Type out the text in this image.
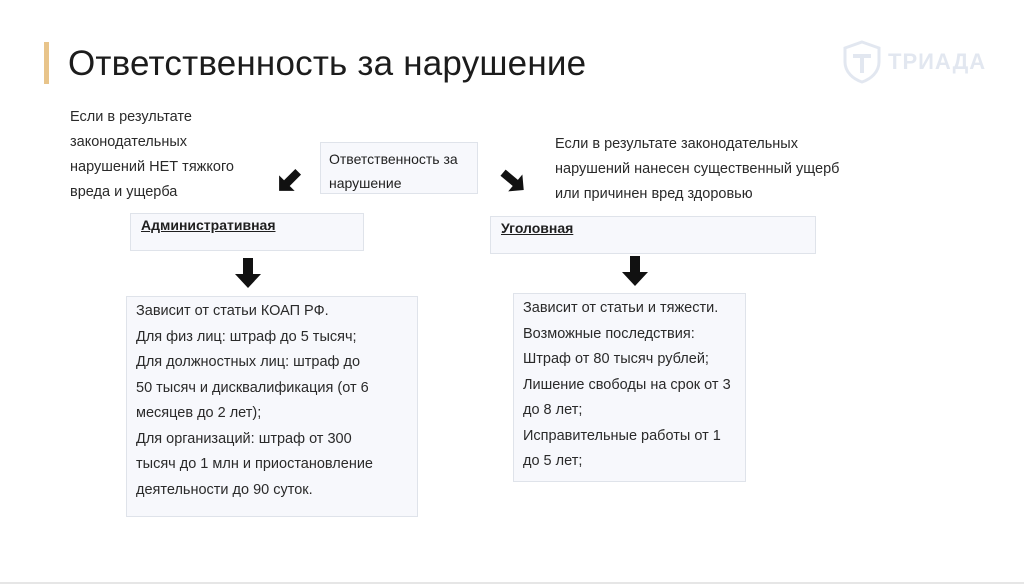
Ответственность за нарушение	ТРИАДА
Если в результате
законодательных
нарушений НЕТ тяжкого
вреда и ущерба
Если в результате законодательных
нарушений нанесен существенный ущерб
или причинен вред здоровью
Ответственность за
нарушение
Административная	Уголовная
Зависит от статьи КОАП РФ.
Для физ лиц: штраф до 5 тысяч;
Для должностных лиц: штраф до
50 тысяч и дисквалификация (от 6
месяцев до 2 лет);
Для организаций: штраф от 300
тысяч до 1 млн и приостановление
деятельности до 90 суток.
Зависит от статьи и тяжести.
Возможные последствия:
Штраф от 80 тысяч рублей;
Лишение свободы на срок от 3
до 8 лет;
Исправительные работы от 1
до 5 лет;
